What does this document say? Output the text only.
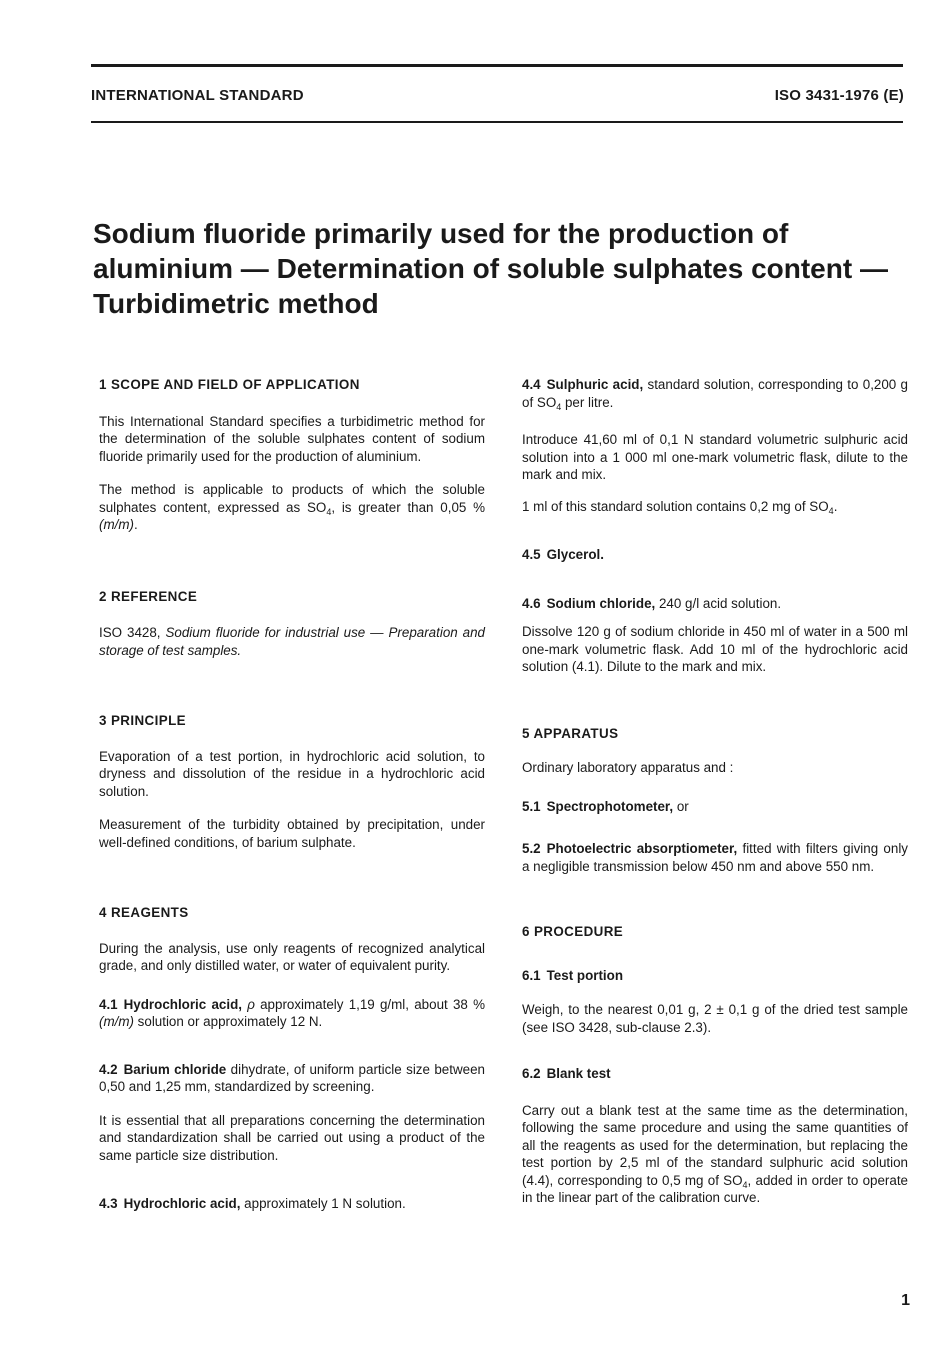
INTERNATIONAL STANDARD	ISO 3431-1976 (E)
Sodium fluoride primarily used for the production of
aluminium — Determination of soluble sulphates content —
Turbidimetric method

1 SCOPE AND FIELD OF APPLICATION

This International Standard specifies a turbidimetric method for the determination of the soluble sulphates content of sodium fluoride primarily used for the production of aluminium.

The method is applicable to products of which the soluble sulphates content, expressed as $SO_4$, is greater than 0,05 % (m/m).

2 REFERENCE

ISO 3428, Sodium fluoride for industrial use — Preparation and storage of test samples.

3 PRINCIPLE

Evaporation of a test portion, in hydrochloric acid solution, to dryness and dissolution of the residue in a hydrochloric acid solution.

Measurement of the turbidity obtained by precipitation, under well-defined conditions, of barium sulphate.

4 REAGENTS

During the analysis, use only reagents of recognized analytical grade, and only distilled water, or water of equivalent purity.

4.1 Hydrochloric acid, ρ approximately 1,19 g/ml, about 38 % (m/m) solution or approximately 12 N.

4.2 Barium chloride dihydrate, of uniform particle size between 0,50 and 1,25 mm, standardized by screening.

It is essential that all preparations concerning the determination and standardization shall be carried out using a product of the same particle size distribution.

4.3 Hydrochloric acid, approximately 1 N solution.

4.4 Sulphuric acid, standard solution, corresponding to 0,200 g of $SO_4$ per litre.

Introduce 41,60 ml of 0,1 N standard volumetric sulphuric acid solution into a 1 000 ml one-mark volumetric flask, dilute to the mark and mix.

1 ml of this standard solution contains 0,2 mg of $SO_4$.

4.5 Glycerol.

4.6 Sodium chloride, 240 g/l acid solution.

Dissolve 120 g of sodium chloride in 450 ml of water in a 500 ml one-mark volumetric flask. Add 10 ml of the hydrochloric acid solution (4.1). Dilute to the mark and mix.

5 APPARATUS

Ordinary laboratory apparatus and :

5.1 Spectrophotometer, or

5.2 Photoelectric absorptiometer, fitted with filters giving only a negligible transmission below 450 nm and above 550 nm.

6 PROCEDURE

6.1 Test portion

Weigh, to the nearest 0,01 g, 2 ± 0,1 g of the dried test sample (see ISO 3428, sub-clause 2.3).

6.2 Blank test

Carry out a blank test at the same time as the determination, following the same procedure and using the same quantities of all the reagents as used for the determination, but replacing the test portion by 2,5 ml of the standard sulphuric acid solution (4.4), corresponding to 0,5 mg of $SO_4$, added in order to operate in the linear part of the calibration curve.

1
